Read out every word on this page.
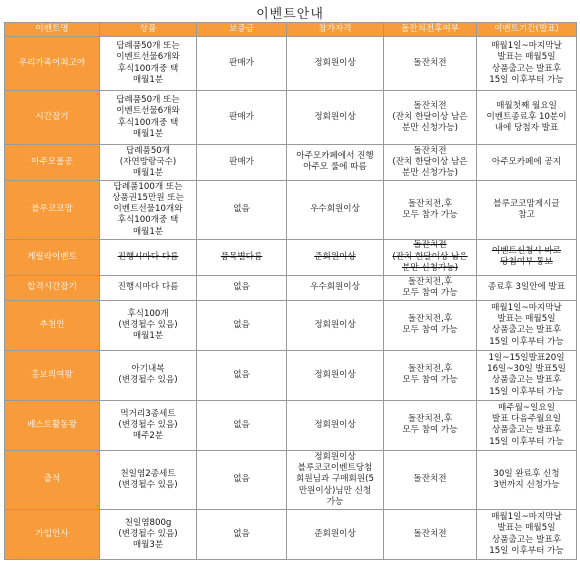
이벤트안내
이벤트명	상품	보증금	참가자격	돌잔치전후여부	이벤트기간(발표)
우리가족이최고야	답례품50개 또는
이벤트선물6개와
후식100개중 택
매월1분	판매가	정회원이상	돌잔치전	매월1일~마지막날
발표는 매월5일
상품출고는 발표후
15일 이후부터 가능

시간잡기	답례품50개 또는
이벤트선물6개와
후식100개중 택
매월1분	판매가	정회원이상	돌잔치전
(잔치 한달이상 남은
분만 신청가능)	매월첫째 월요일
이벤트종료후 10분이
내에 당첨자 발표

아주모몰공	답례품50개
(자연방랑국수)
매월1분	판매가	아주모카페에서 진행
아주모 룰에 따름	돌잔치전
(잔치 한달이상 남은
분만 신청가능)	아주모카페에 공지

블루코코맘	답례품100개 또는
상품권15만원 또는
이벤트선물10개와
후식100개중 택
매월1분	없음	우수회원이상	돌잔치전,후
모두 참가 가능	블루코코맘게시글
참고

게릴라이벤트	진행시마다 다름	품목별다름	준회원이상	돌잔치전
(잔치 한달이상 남은
분만 신청가능)	이벤트신청시 바로
당첨여부 통보

합격시간잡기	진행시마다 다름	없음	우수회원이상	돌잔치전,후
모두 참여 가능	종료후 3일안에 발표

추천인	후식100개
(변경될수 있음)
매월1분	없음	정회원이상	돌잔치전,후
모두 참여 가능	매월1일~마지막날
발표는 매월5일
상품출고는 발표후
15일 이후부터 가능

홍보의여왕	아기내복
(변경될수 있음)	없음	정회원이상	돌잔치전,후
모두 참여 가능	1일~15일발표20일
16일~30일 발표5일
상품출고는 발표후
15일 이후부터 가능

베스트활동왕	먹거리3종세트
(변경될수 있음)
매주2분	없음	정회원이상	돌잔치전,후
모두 참여 가능	매주월~일요일
발표 다음주월요일
상품출고는 발표후
15일 이후부터 가능

출석	천일염2종세트
(변경될수 있음)	없음	정회원이상
블루코코이벤트당첨
회원님과 구매회원(5
만원이상)님만 신청
가능	돌잔치전	30일 완료후 신청
3번까지 신청가능

가입인사	천일염800g
(변경될수 있음)
매월3분	없음	준회원이상	돌잔치전	매월1일~마지막날
발표는 매월5일
상품출고는 발표후
15일 이후부터 가능
